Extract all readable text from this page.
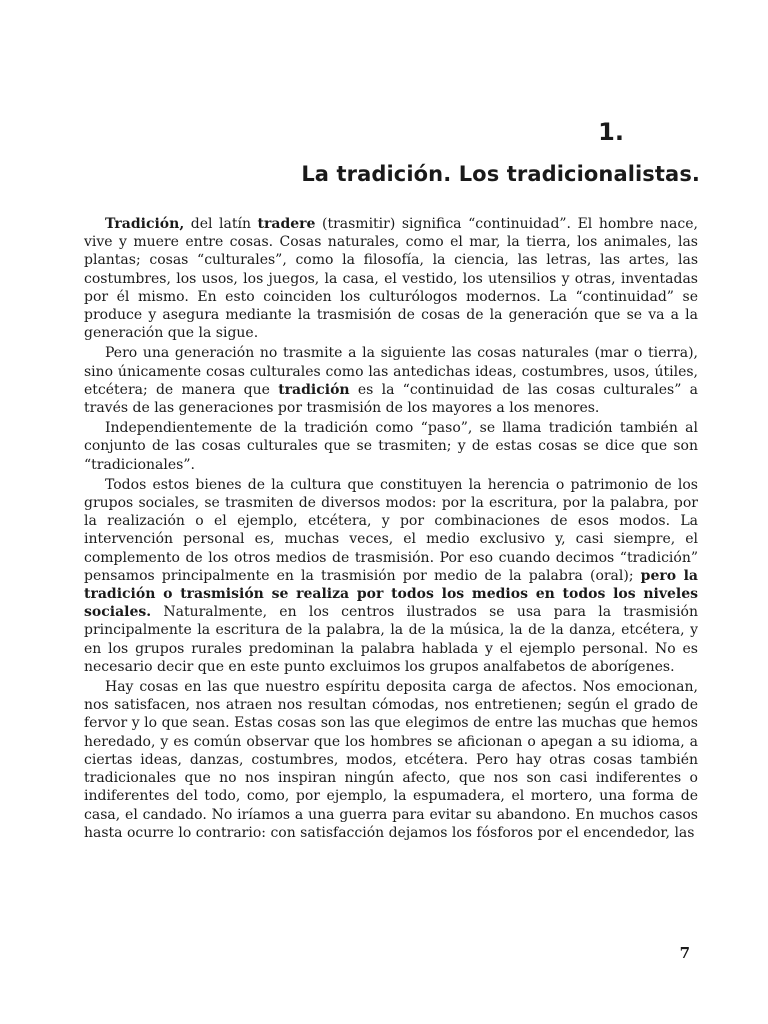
1.
La tradición. Los tradicionalistas.

Tradición, del latín tradere (trasmitir) significa “continuidad”. El hombre nace, vive y muere entre cosas. Cosas naturales, como el mar, la tierra, los animales, las plantas; cosas “culturales”, como la filosofía, la ciencia, las letras, las artes, las costumbres, los usos, los juegos, la casa, el vestido, los utensilios y otras, inventadas por él mismo. En esto coinciden los culturólogos modernos. La “continuidad” se produce y asegura mediante la trasmisión de cosas de la generación que se va a la generación que la sigue.

Pero una generación no trasmite a la siguiente las cosas naturales (mar o tierra), sino únicamente cosas culturales como las antedichas ideas, costumbres, usos, útiles, etcétera; de manera que tradición es la “continuidad de las cosas culturales” a través de las generaciones por trasmisión de los mayores a los menores.

Independientemente de la tradición como “paso”, se llama tradición también al conjunto de las cosas culturales que se trasmiten; y de estas cosas se dice que son “tradicionales”.

Todos estos bienes de la cultura que constituyen la herencia o patrimonio de los grupos sociales, se trasmiten de diversos modos: por la escritura, por la palabra, por la realización o el ejemplo, etcétera, y por combinaciones de esos modos. La intervención personal es, muchas veces, el medio exclusivo y, casi siempre, el complemento de los otros medios de trasmisión. Por eso cuando decimos “tradición” pensamos principalmente en la trasmisión por medio de la palabra (oral); pero la tradición o trasmisión se realiza por todos los medios en todos los niveles sociales. Naturalmente, en los centros ilustrados se usa para la trasmisión principalmente la escritura de la palabra, la de la música, la de la danza, etcétera, y en los grupos rurales predominan la palabra hablada y el ejemplo personal. No es necesario decir que en este punto excluimos los grupos analfabetos de aborígenes.

Hay cosas en las que nuestro espíritu deposita carga de afectos. Nos emocionan, nos satisfacen, nos atraen nos resultan cómodas, nos entretienen; según el grado de fervor y lo que sean. Estas cosas son las que elegimos de entre las muchas que hemos heredado, y es común observar que los hombres se aficionan o apegan a su idioma, a ciertas ideas, danzas, costumbres, modos, etcétera. Pero hay otras cosas también tradicionales que no nos inspiran ningún afecto, que nos son casi indiferentes o indiferentes del todo, como, por ejemplo, la espumadera, el mortero, una forma de casa, el candado. No iríamos a una guerra para evitar su abandono. En muchos casos hasta ocurre lo contrario: con satisfacción dejamos los fósforos por el encendedor, las

7
